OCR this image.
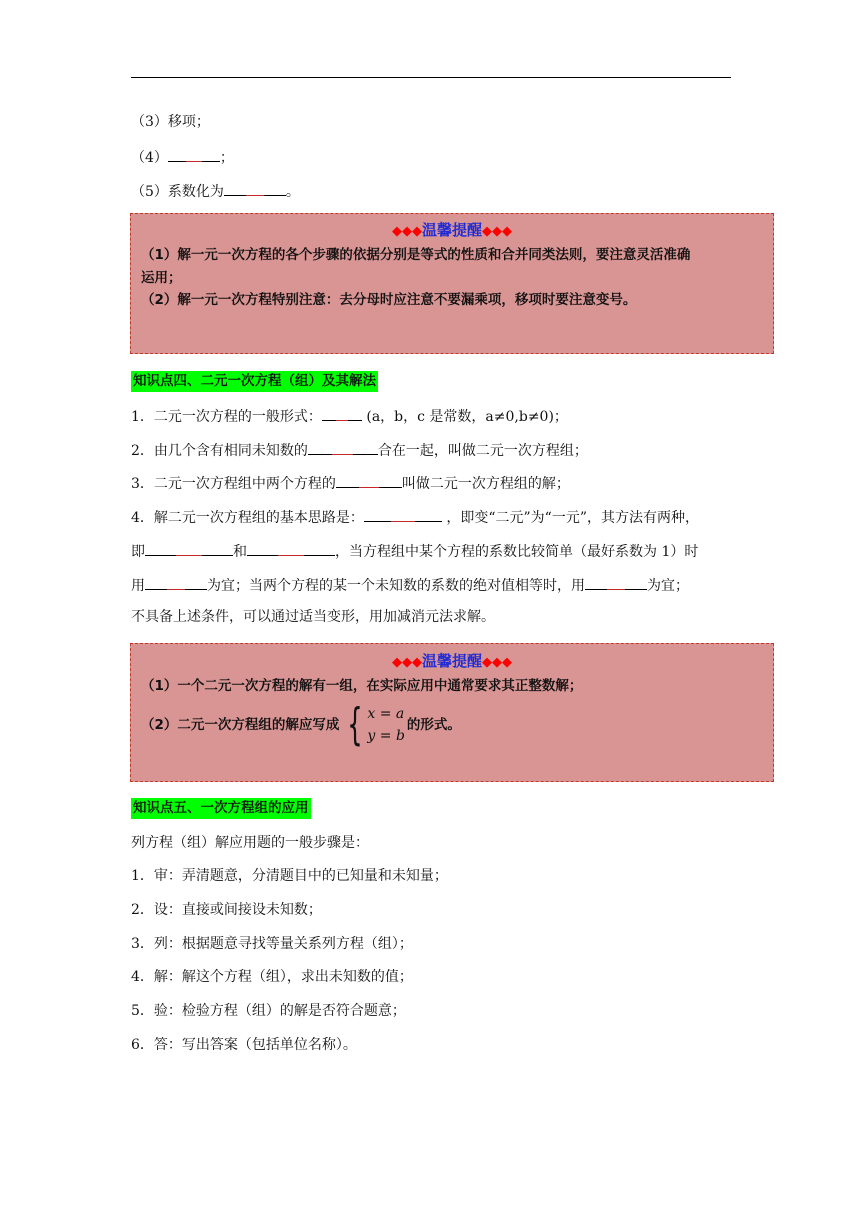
（3）移项；
（4）	；
（5）系数化为	。
◆◆◆温馨提醒◆◆◆
（1）解一元一次方程的各个步骤的依据分别是等式的性质和合并同类法则，要注意灵活准确
运用；
（2）解一元一次方程特别注意：去分母时应注意不要漏乘项，移项时要注意变号。
知识点四、二元一次方程（组）及其解法
1．二元一次方程的一般形式：	(a，b，c 是常数，a≠0,b≠0)；
2．由几个含有相同未知数的	合在一起，叫做二元一次方程组；
3．二元一次方程组中两个方程的	叫做二元一次方程组的解；
4．解二元一次方程组的基本思路是：	，即变“二元”为“一元”，其方法有两种，
即	和	，当方程组中某个方程的系数比较简单（最好系数为 1）时
用	为宜；当两个方程的某一个未知数的系数的绝对值相等时，用	为宜；
不具备上述条件，可以通过适当变形，用加减消元法求解。
◆◆◆温馨提醒◆◆◆
（1）一个二元一次方程的解有一组，在实际应用中通常要求其正整数解；
（2）二元一次方程组的解应写成 { x = a
y = b
的形式。
知识点五、一次方程组的应用
列方程（组）解应用题的一般步骤是：
1．审：弄清题意，分清题目中的已知量和未知量；
2．设：直接或间接设未知数；
3．列：根据题意寻找等量关系列方程（组）；
4．解：解这个方程（组），求出未知数的值；
5．验：检验方程（组）的解是否符合题意；
6．答：写出答案（包括单位名称）。
